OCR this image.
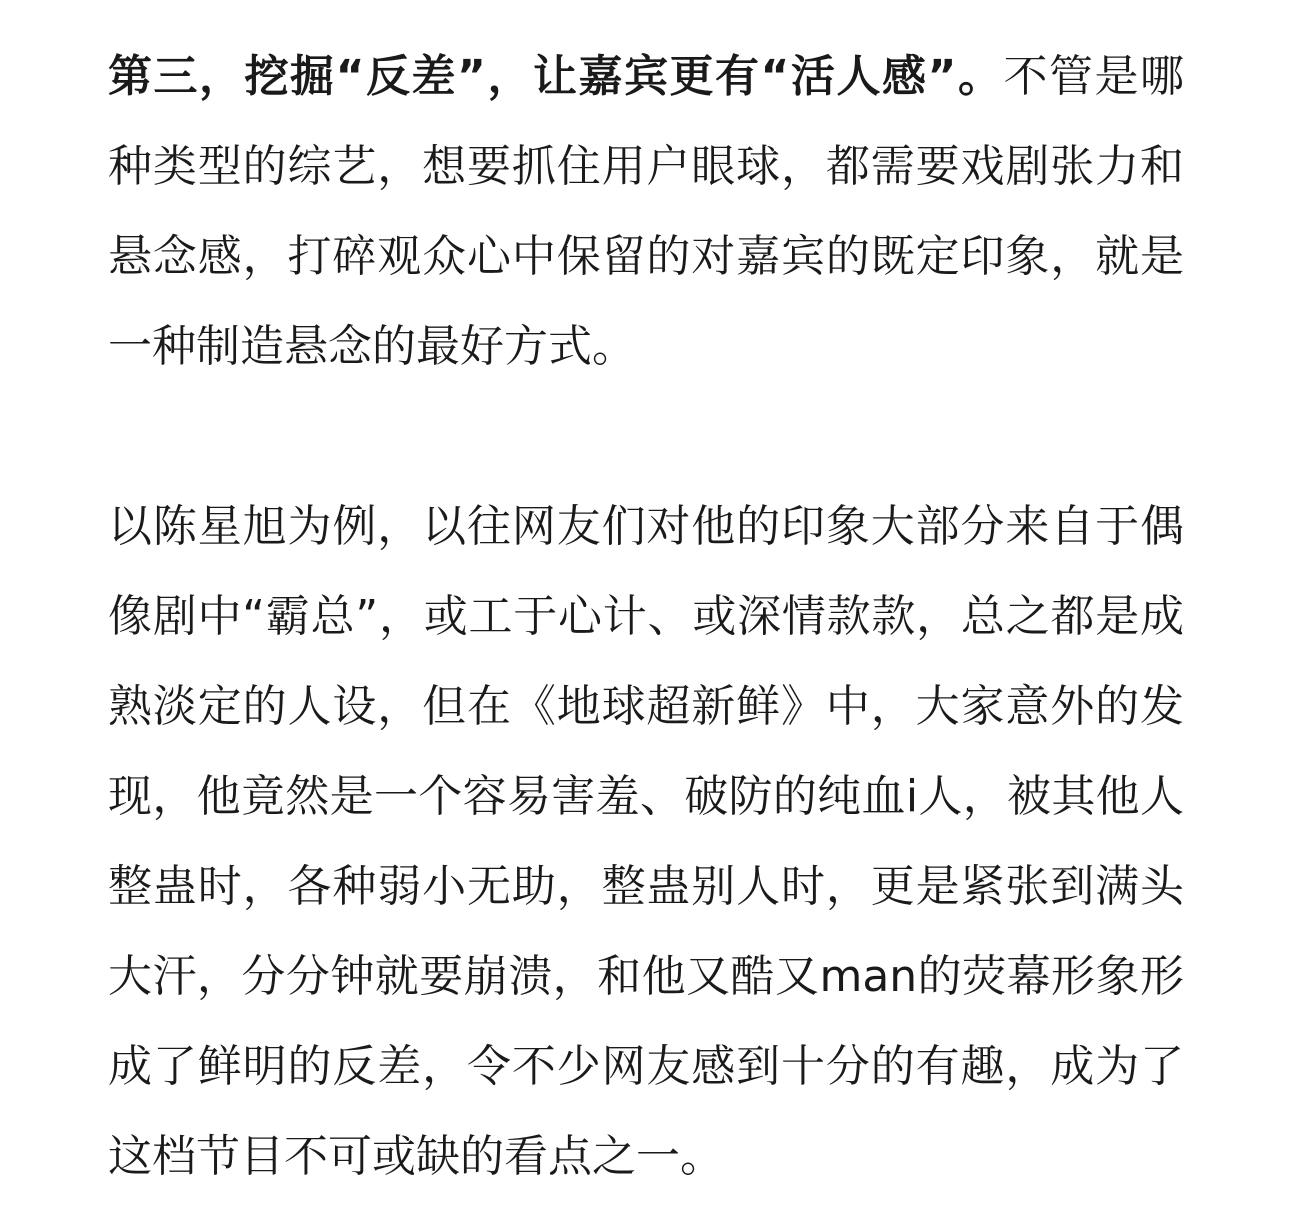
第三，挖掘“反差”，让嘉宾更有“活人感”。不管是哪种类型的综艺，想要抓住用户眼球，都需要戏剧张力和悬念感，打碎观众心中保留的对嘉宾的既定印象，就是一种制造悬念的最好方式。

以陈星旭为例，以往网友们对他的印象大部分来自于偶像剧中“霸总”，或工于心计、或深情款款，总之都是成熟淡定的人设，但在《地球超新鲜》中，大家意外的发现，他竟然是一个容易害羞、破防的纯血i人，被其他人整蛊时，各种弱小无助，整蛊别人时，更是紧张到满头大汗，分分钟就要崩溃，和他又酷又man的荧幕形象形成了鲜明的反差，令不少网友感到十分的有趣，成为了这档节目不可或缺的看点之一。
